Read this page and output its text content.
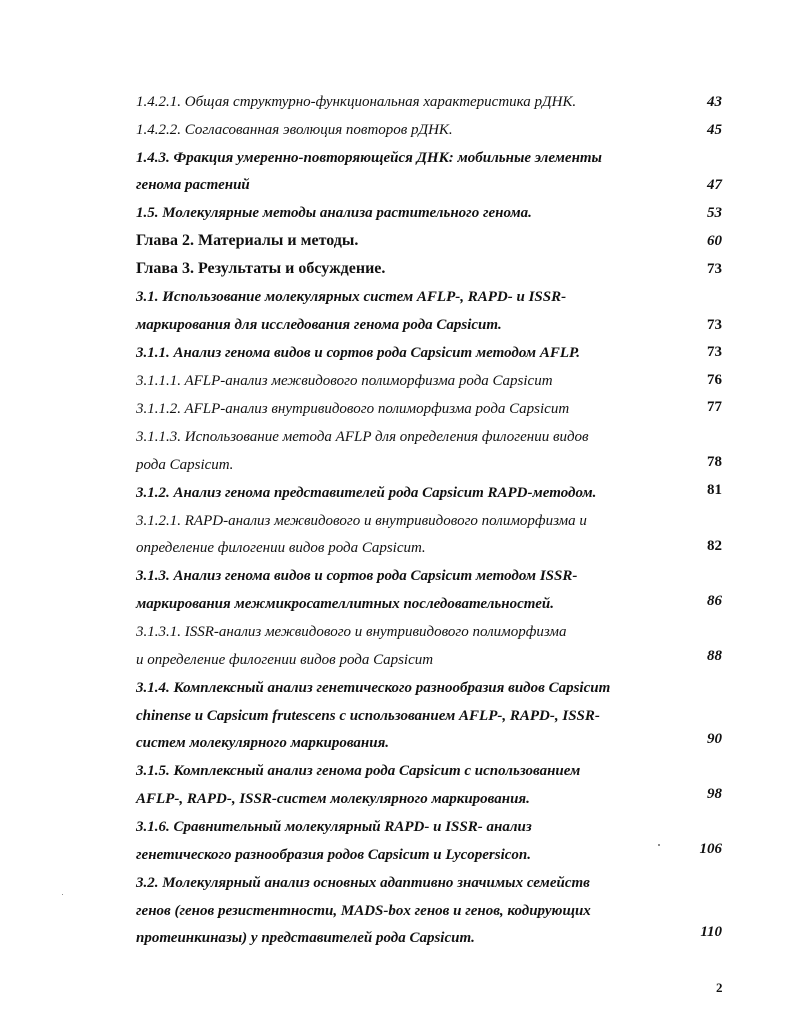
1.4.2.1. Общая структурно-функциональная характеристика рДНК.
1.4.2.2. Согласованная эволюция повторов рДНК.
1.4.3. Фракция умеренно-повторяющейся ДНК: мобильные элементы
генома растений
1.5. Молекулярные методы анализа растительного генома.
Глава 2. Материалы и методы.
Глава 3. Результаты и обсуждение.
3.1. Использование молекулярных систем AFLP-, RAPD- и ISSR-
маркирования для исследования генома рода Capsicum.
3.1.1. Анализ генома видов и сортов рода Capsicum методом AFLP.
3.1.1.1. AFLP-анализ межвидового полиморфизма рода Capsicum
3.1.1.2. AFLP-анализ внутривидового полиморфизма рода Capsicum
3.1.1.3. Использование метода AFLP для определения филогении видов
рода Capsicum.
3.1.2. Анализ генома представителей рода Capsicum RAPD-методом.
3.1.2.1. RAPD-анализ межвидового и внутривидового полиморфизма и
определение филогении видов рода Capsicum.
3.1.3. Анализ генома видов и сортов рода Capsicum методом ISSR-
маркирования межмикросателлитных последовательностей.
3.1.3.1. ISSR-анализ межвидового и внутривидового полиморфизма
и определение филогении видов рода Capsicum
3.1.4. Комплексный анализ генетического разнообразия видов Capsicum
chinense и Capsicum frutescens с использованием AFLP-, RAPD-, ISSR-
систем молекулярного маркирования.
3.1.5. Комплексный анализ генома рода Capsicum с использованием
AFLP-, RAPD-, ISSR-систем молекулярного маркирования.
3.1.6. Сравнительный молекулярный RAPD- и ISSR- анализ
генетического разнообразия родов Capsicum и Lycopersicon.
3.2. Молекулярный анализ основных адаптивно значимых семейств
генов (генов резистентности, MADS-box генов и генов, кодирующих
протеинкиназы) у представителей рода Capsicum.
43
45
47
53
60
73
73
73
76
77
78
81
82
86
88
90
98
106
110
2
